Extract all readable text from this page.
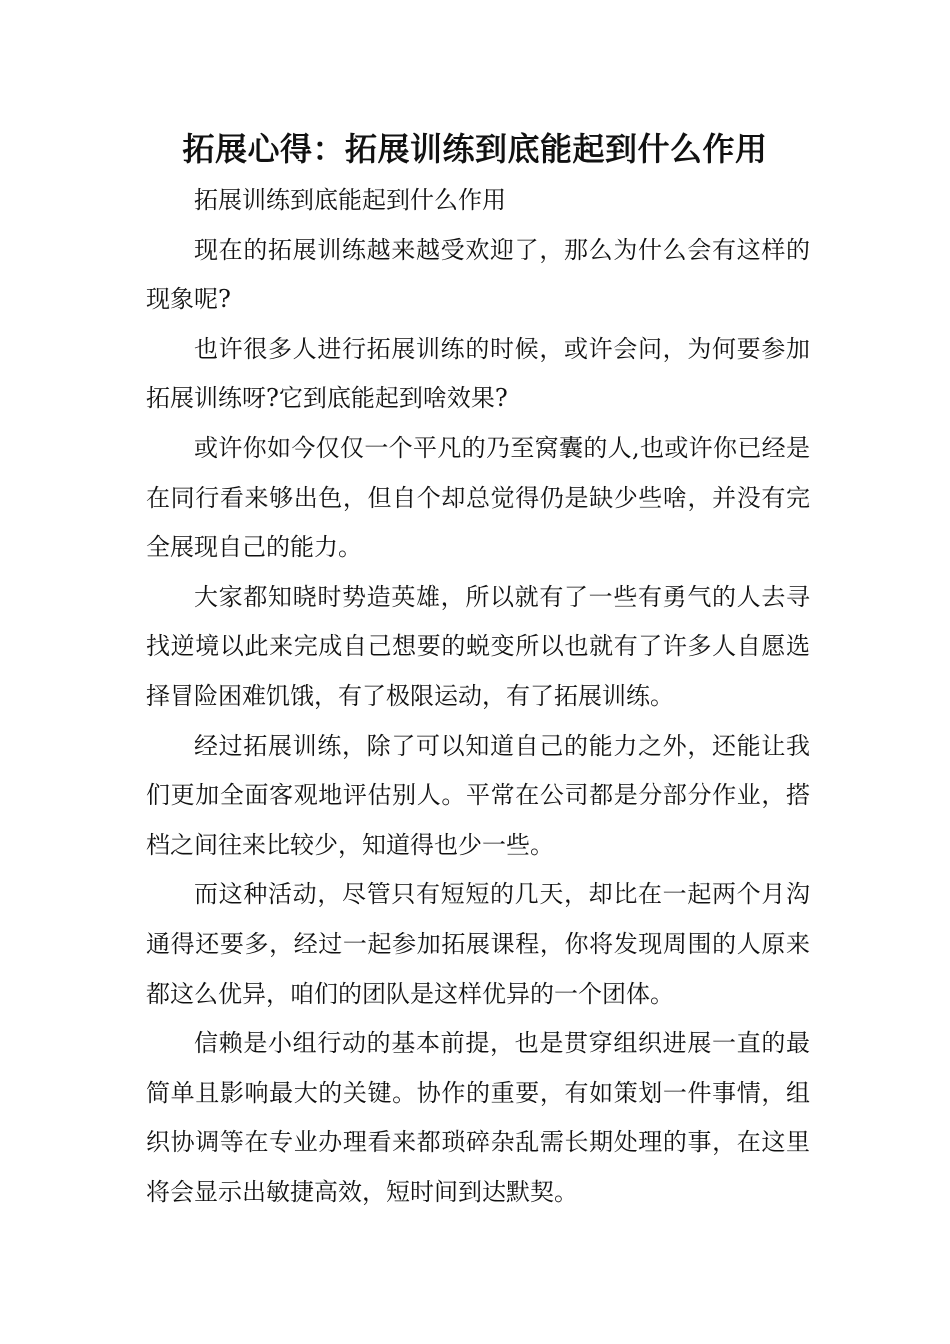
拓展心得：拓展训练到底能起到什么作用

拓展训练到底能起到什么作用

现在的拓展训练越来越受欢迎了，那么为什么会有这样的现象呢?

也许很多人进行拓展训练的时候，或许会问，为何要参加拓展训练呀?它到底能起到啥效果?

或许你如今仅仅一个平凡的乃至窝囊的人,也或许你已经是在同行看来够出色，但自个却总觉得仍是缺少些啥，并没有完全展现自己的能力。

大家都知晓时势造英雄，所以就有了一些有勇气的人去寻找逆境以此来完成自己想要的蜕变所以也就有了许多人自愿选择冒险困难饥饿，有了极限运动，有了拓展训练。

经过拓展训练，除了可以知道自己的能力之外，还能让我们更加全面客观地评估别人。平常在公司都是分部分作业，搭档之间往来比较少，知道得也少一些。

而这种活动，尽管只有短短的几天，却比在一起两个月沟通得还要多，经过一起参加拓展课程，你将发现周围的人原来都这么优异，咱们的团队是这样优异的一个团体。

信赖是小组行动的基本前提，也是贯穿组织进展一直的最简单且影响最大的关键。协作的重要，有如策划一件事情，组织协调等在专业办理看来都琐碎杂乱需长期处理的事，在这里将会显示出敏捷高效，短时间到达默契。
